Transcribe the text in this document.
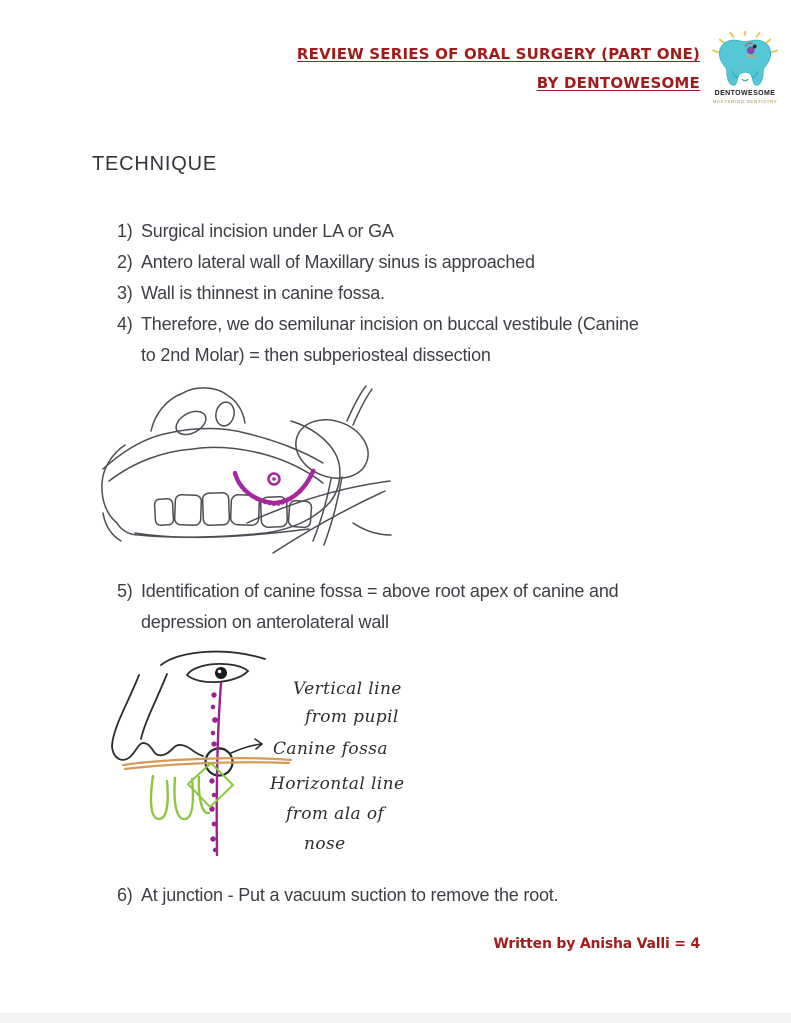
REVIEW SERIES OF ORAL SURGERY (PART ONE)
BY DENTOWESOME
DENTOWESOME
MASTERING DENTISTRY
TECHNIQUE
1) Surgical incision under LA or GA
2) Antero lateral wall of Maxillary sinus is approached
3) Wall is thinnest in canine fossa.
4) Therefore, we do semilunar incision on buccal vestibule (Canine
to 2nd Molar) = then subperiosteal dissection
5) Identification of canine fossa = above root apex of canine and
depression on anterolateral wall
Vertical line
from pupil
Canine fossa
Horizontal line
from ala of
nose
6) At junction - Put a vacuum suction to remove the root.
Written by Anisha Valli = 4
